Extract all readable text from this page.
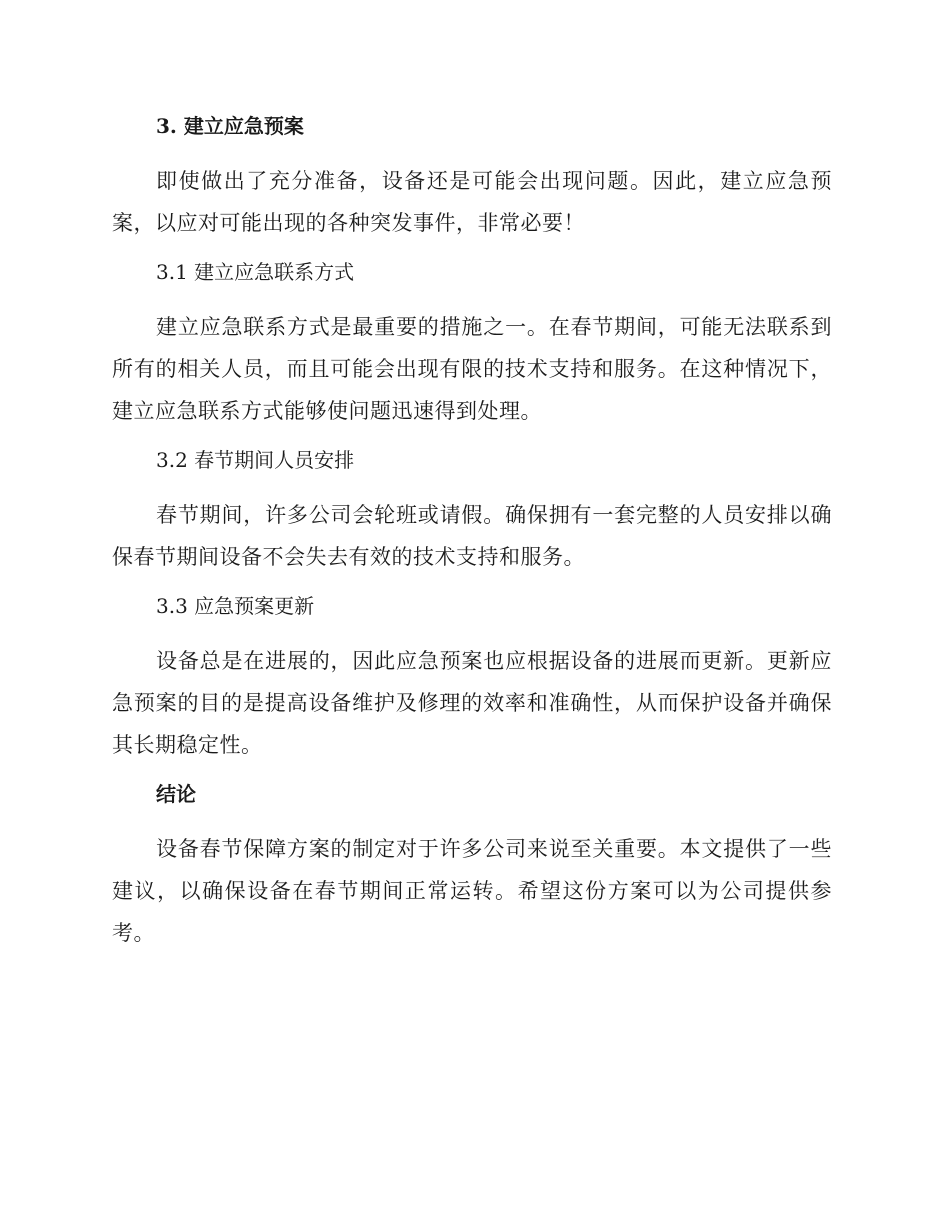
3. 建立应急预案

即使做出了充分准备，设备还是可能会出现问题。因此，建立应急预案，以应对可能出现的各种突发事件，非常必要！

3.1 建立应急联系方式

建立应急联系方式是最重要的措施之一。在春节期间，可能无法联系到所有的相关人员，而且可能会出现有限的技术支持和服务。在这种情况下，建立应急联系方式能够使问题迅速得到处理。

3.2 春节期间人员安排

春节期间，许多公司会轮班或请假。确保拥有一套完整的人员安排以确保春节期间设备不会失去有效的技术支持和服务。

3.3 应急预案更新

设备总是在进展的，因此应急预案也应根据设备的进展而更新。更新应急预案的目的是提高设备维护及修理的效率和准确性，从而保护设备并确保其长期稳定性。

结论

设备春节保障方案的制定对于许多公司来说至关重要。本文提供了一些建议，以确保设备在春节期间正常运转。希望这份方案可以为公司提供参考。
